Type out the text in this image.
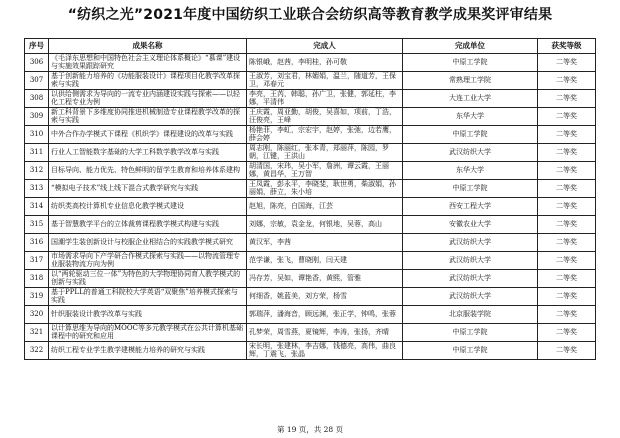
“纺织之光”2021年度中国纺织工业联合会纺织高等教育教学成果奖评审结果
序号	成果名称	完成人	完成单位	获奖等级
306	《毛泽东思想和中国特色社会主义理论体系概论》“慕课”建设与实施效果跟踪研究	陈银峨，赵茜，李明桂，孙可敬	中原工学院	二等奖
307	基于创新能力培养的《功能服装设计》课程项目化教学改革探索与实践	王淑芳，刘宝君，林媚娟，温兰，随道芳，王保卫，邓春元	常熟理工学院	二等奖
308	以供给侧需求为导向的一流专业内涵建设实践与探索——以轻化工程专业为例	李亮，王芮，韩聪，孙广卫，张健，郭延柱，李娜，平清伟	大连工业大学	二等奖
309	新工科背景下多维度协同推进机械制造专业课程教学改革的探索与实践	王庆霞，周亚勤，胡俊，吴喜如，项前，丁浩，汪俊亮，王峰	东华大学	二等奖
310	中外合作办学模式下课程《机织学》课程建设的改革与实践	杨艳菲，李虹，宗宏宇，赵婷，张弛，边若鹰，薛会婷	中原工学院	二等奖
311	行业人工智能数字基础的大学工科数学教学改革与实践	周志刚，陈丽红，张本青，郑丽萍，陈园，罗朝，江键，王洪山	武汉纺织大学	二等奖
312	目标导向、能力优先、特色鲜明的留学生教育和培养体系建构	胡清国，宋玮，吴小军，詹洲，谭云霞，王丽娜，黄昌华，王万智	东华大学	二等奖
313	“模拟电子技术”线上线下混合式教学研究与实践	王凤霞，彭永平，李晓斐，耿世勇，柴淑娟，孙丽娟，薛立，朱小培	中原工学院	二等奖
314	纺织类高校计算机专业信息化教学模式建设	赵旭，陈亮，白国海，江芸	西安工程大学	二等奖
315	基于智慧教学平台的立体裁剪课程教学模式构建与实践	刘娜，宗敏，袁金龙，何银地，吴蓉，高山	安徽农业大学	二等奖
316	国潮学生装创新设计与校服企业相结合的实践教学模式研究	黄汉军，李茜	武汉纺织大学	二等奖
317	市场需求导向下产学研合作模式探索与实践——以物流管理专业服装物流方向为例	范学谦，张飞，曹晓刚，闫天建	武汉纺织大学	二等奖
318	以“两轮驱动三位一体”为特色的大学物理协同育人教学模式的创新与实践	冯存芳，吴如，谭艳香，黄熙，管雅	武汉纺织大学	二等奖
319	基于PPLL的普通工科院校大学英语“双聚焦”培养模式探索与实践	何细香，姚蓝美，刘方荣，杨雪	武汉纺织大学	二等奖
320	针织服装设计教学改革与实践	郭瑞萍，潘海音，顾远渊，张正学，钟鸣，张蓉	北京服装学院	二等奖
321	以计算思维为导向的MOOC等多元教学模式在公共计算机基础课程中的研究和应用	孔梦荣，周雪燕，夏镜辉，李涛，张扬，齐晴	中原工学院	二等奖
322	纺织工程专业学生教学建模能力培养的研究与实践	宋长明，张建林，李吉娜，钱德亮，高伟，曲良辉，丁震飞，张晶	中原工学院	二等奖
第 19 页，共 28 页
